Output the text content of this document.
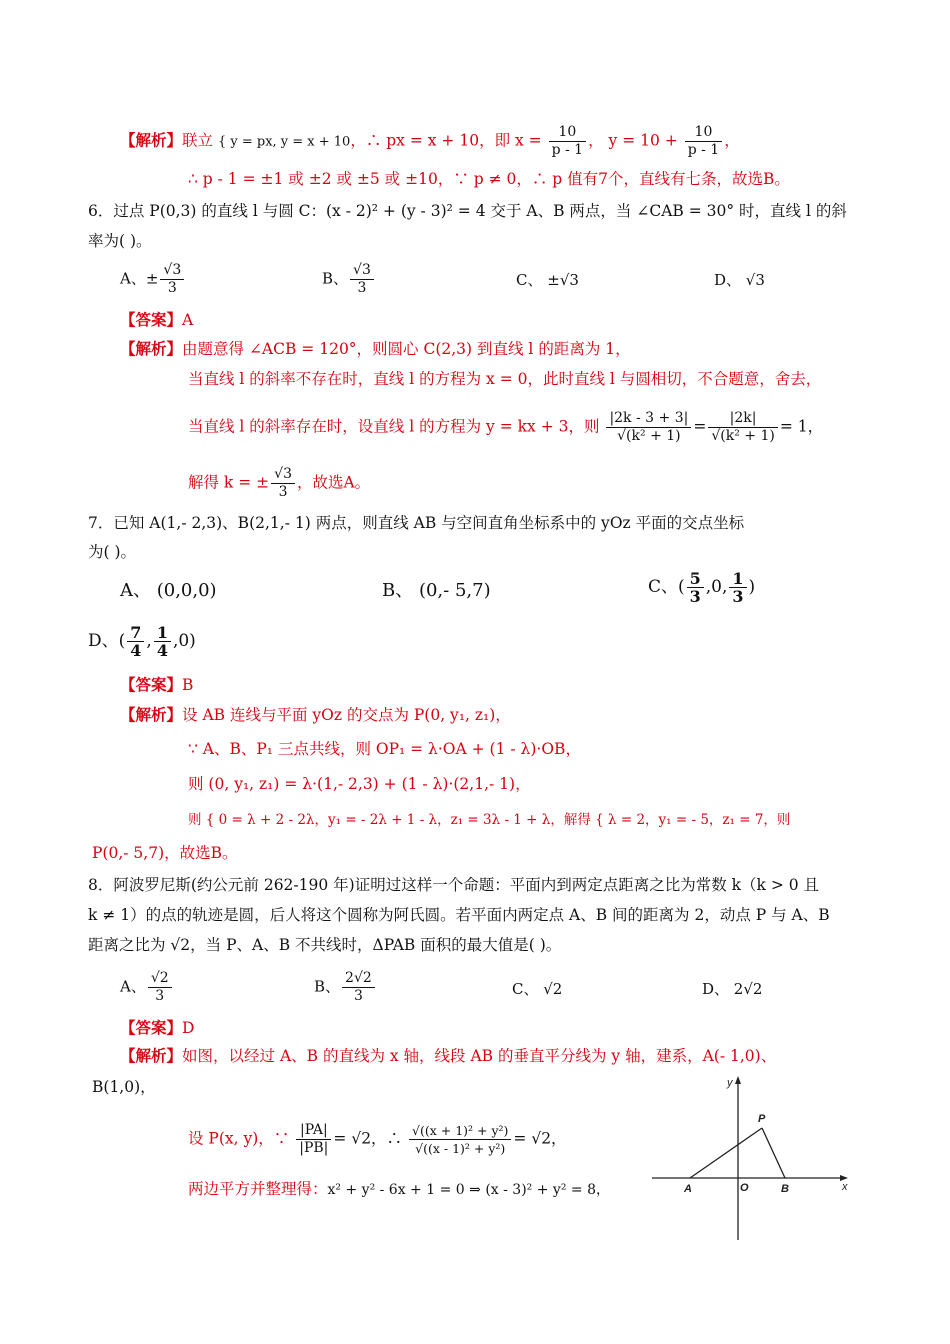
【解析】联立 { y = px, y = x + 10，∴ px = x + 10，即 $x = \frac{10}{p - 1}$ ， $y = 10 + \frac{10}{p - 1}$ ，
∴ p - 1 = ±1 或 ±2 或 ±5 或 ±10，∵ p ≠ 0，∴ p 值有7个，直线有七条，故选B。
6．过点 P(0,3) 的直线 l 与圆 C：(x - 2)² + (y - 3)² = 4 交于 A、B 两点，当 ∠CAB = 30° 时，直线 l 的斜
率为( )。
A、± $\frac{√3}{3}$	B、 $\frac{√3}{3}$	C、 ±√3	D、 √3
【答案】A
【解析】由题意得 ∠ACB = 120°，则圆心 C(2,3) 到直线 l 的距离为 1，
当直线 l 的斜率不存在时，直线 l 的方程为 x = 0，此时直线 l 与圆相切，不合题意，舍去，
当直线 l 的斜率存在时，设直线 l 的方程为 y = kx + 3，则 $\frac{|2k - 3 + 3|}{\text{√(k² + 1)}} = \frac{|2k|}{\text{√(k² + 1)}} = 1$，
解得 k = ± $\frac{√3}{3}$ ，故选A。
7．已知 A(1,- 2,3)、B(2,1,- 1) 两点，则直线 AB 与空间直角坐标系中的 yOz 平面的交点坐标
为( )。
A、 (0,0,0)	B、 (0,- 5,7)	C、( $\frac{5}{3} ,0$, $\frac{1}{3}$ )
D、( $\frac{7}{4}$ , $\frac{1}{4} ,0$)
【答案】B
【解析】设 AB 连线与平面 yOz 的交点为 P(0, y₁, z₁)，
∵ A、B、P₁ 三点共线，则 OP₁ = λ·OA + (1 - λ)·OB，
则 (0, y₁, z₁) = λ·(1,- 2,3) + (1 - λ)·(2,1,- 1)，
则 { 0 = λ + 2 - 2λ，y₁ = - 2λ + 1 - λ，z₁ = 3λ - 1 + λ，解得 { λ = 2，y₁ = - 5，z₁ = 7，则
P(0,- 5,7)，故选B。
8．阿波罗尼斯(约公元前 262-190 年)证明过这样一个命题：平面内到两定点距离之比为常数 k（k > 0 且
k ≠ 1）的点的轨迹是圆，后人将这个圆称为阿氏圆。若平面内两定点 A、B 间的距离为 2，动点 P 与 A、B
距离之比为 √2，当 P、A、B 不共线时，ΔPAB 面积的最大值是( )。
A、 $\frac{√2}{3}$	B、 $\frac{2√2}{3}$	C、 √2	D、 2√2
【答案】D
【解析】如图，以经过 A、B 的直线为 x 轴，线段 AB 的垂直平分线为 y 轴，建系，A(- 1,0)、
B(1,0)，
设 P(x, y)，∵ $\frac{|PA|}{|PB|} = √2$，∴ $\frac{\text{√((x + 1)² + y²)}}{\text{√((x - 1)² + y²)}} = √2$，
两边平方并整理得：x² + y² - 6x + 1 = 0 ⇒ (x - 3)² + y² = 8，
y
x
P
A	O	B
